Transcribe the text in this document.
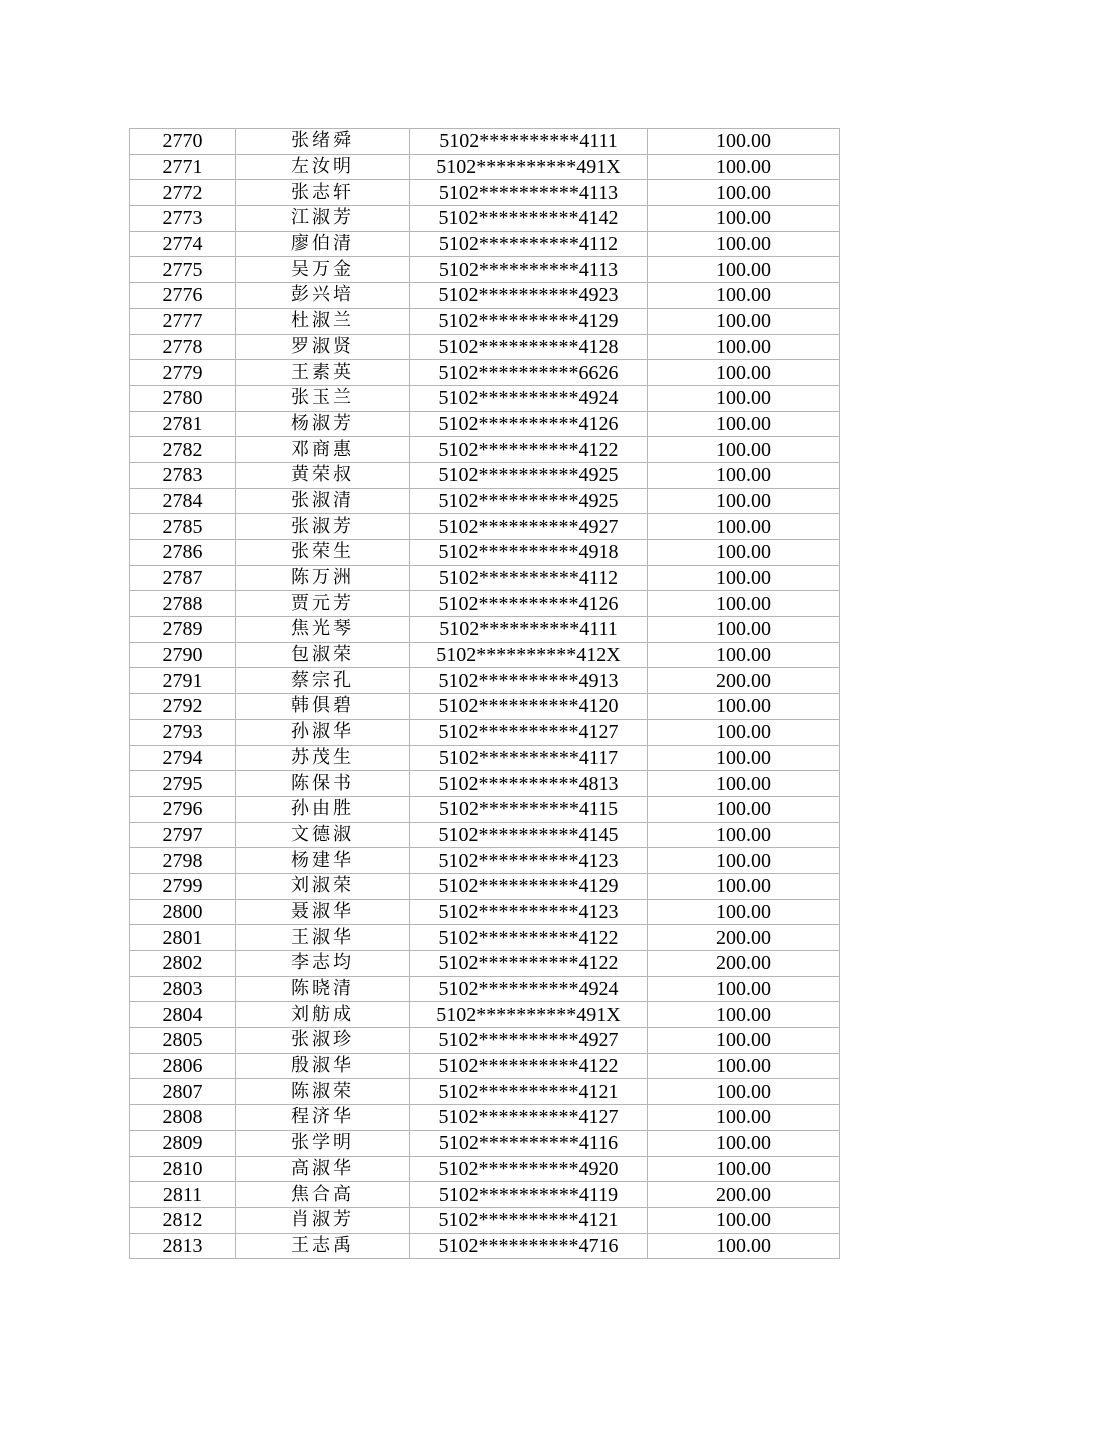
2770	张绪舜	5102**********4111	100.00
2771	左汝明	5102**********491X	100.00
2772	张志轩	5102**********4113	100.00
2773	江淑芳	5102**********4142	100.00
2774	廖伯清	5102**********4112	100.00
2775	吴万金	5102**********4113	100.00
2776	彭兴培	5102**********4923	100.00
2777	杜淑兰	5102**********4129	100.00
2778	罗淑贤	5102**********4128	100.00
2779	王素英	5102**********6626	100.00
2780	张玉兰	5102**********4924	100.00
2781	杨淑芳	5102**********4126	100.00
2782	邓商惠	5102**********4122	100.00
2783	黄荣叔	5102**********4925	100.00
2784	张淑清	5102**********4925	100.00
2785	张淑芳	5102**********4927	100.00
2786	张荣生	5102**********4918	100.00
2787	陈万洲	5102**********4112	100.00
2788	贾元芳	5102**********4126	100.00
2789	焦光琴	5102**********4111	100.00
2790	包淑荣	5102**********412X	100.00
2791	蔡宗孔	5102**********4913	200.00
2792	韩俱碧	5102**********4120	100.00
2793	孙淑华	5102**********4127	100.00
2794	苏茂生	5102**********4117	100.00
2795	陈保书	5102**********4813	100.00
2796	孙由胜	5102**********4115	100.00
2797	文德淑	5102**********4145	100.00
2798	杨建华	5102**********4123	100.00
2799	刘淑荣	5102**********4129	100.00
2800	聂淑华	5102**********4123	100.00
2801	王淑华	5102**********4122	200.00
2802	李志均	5102**********4122	200.00
2803	陈晓清	5102**********4924	100.00
2804	刘舫成	5102**********491X	100.00
2805	张淑珍	5102**********4927	100.00
2806	殷淑华	5102**********4122	100.00
2807	陈淑荣	5102**********4121	100.00
2808	程济华	5102**********4127	100.00
2809	张学明	5102**********4116	100.00
2810	高淑华	5102**********4920	100.00
2811	焦合高	5102**********4119	200.00
2812	肖淑芳	5102**********4121	100.00
2813	王志禹	5102**********4716	100.00
